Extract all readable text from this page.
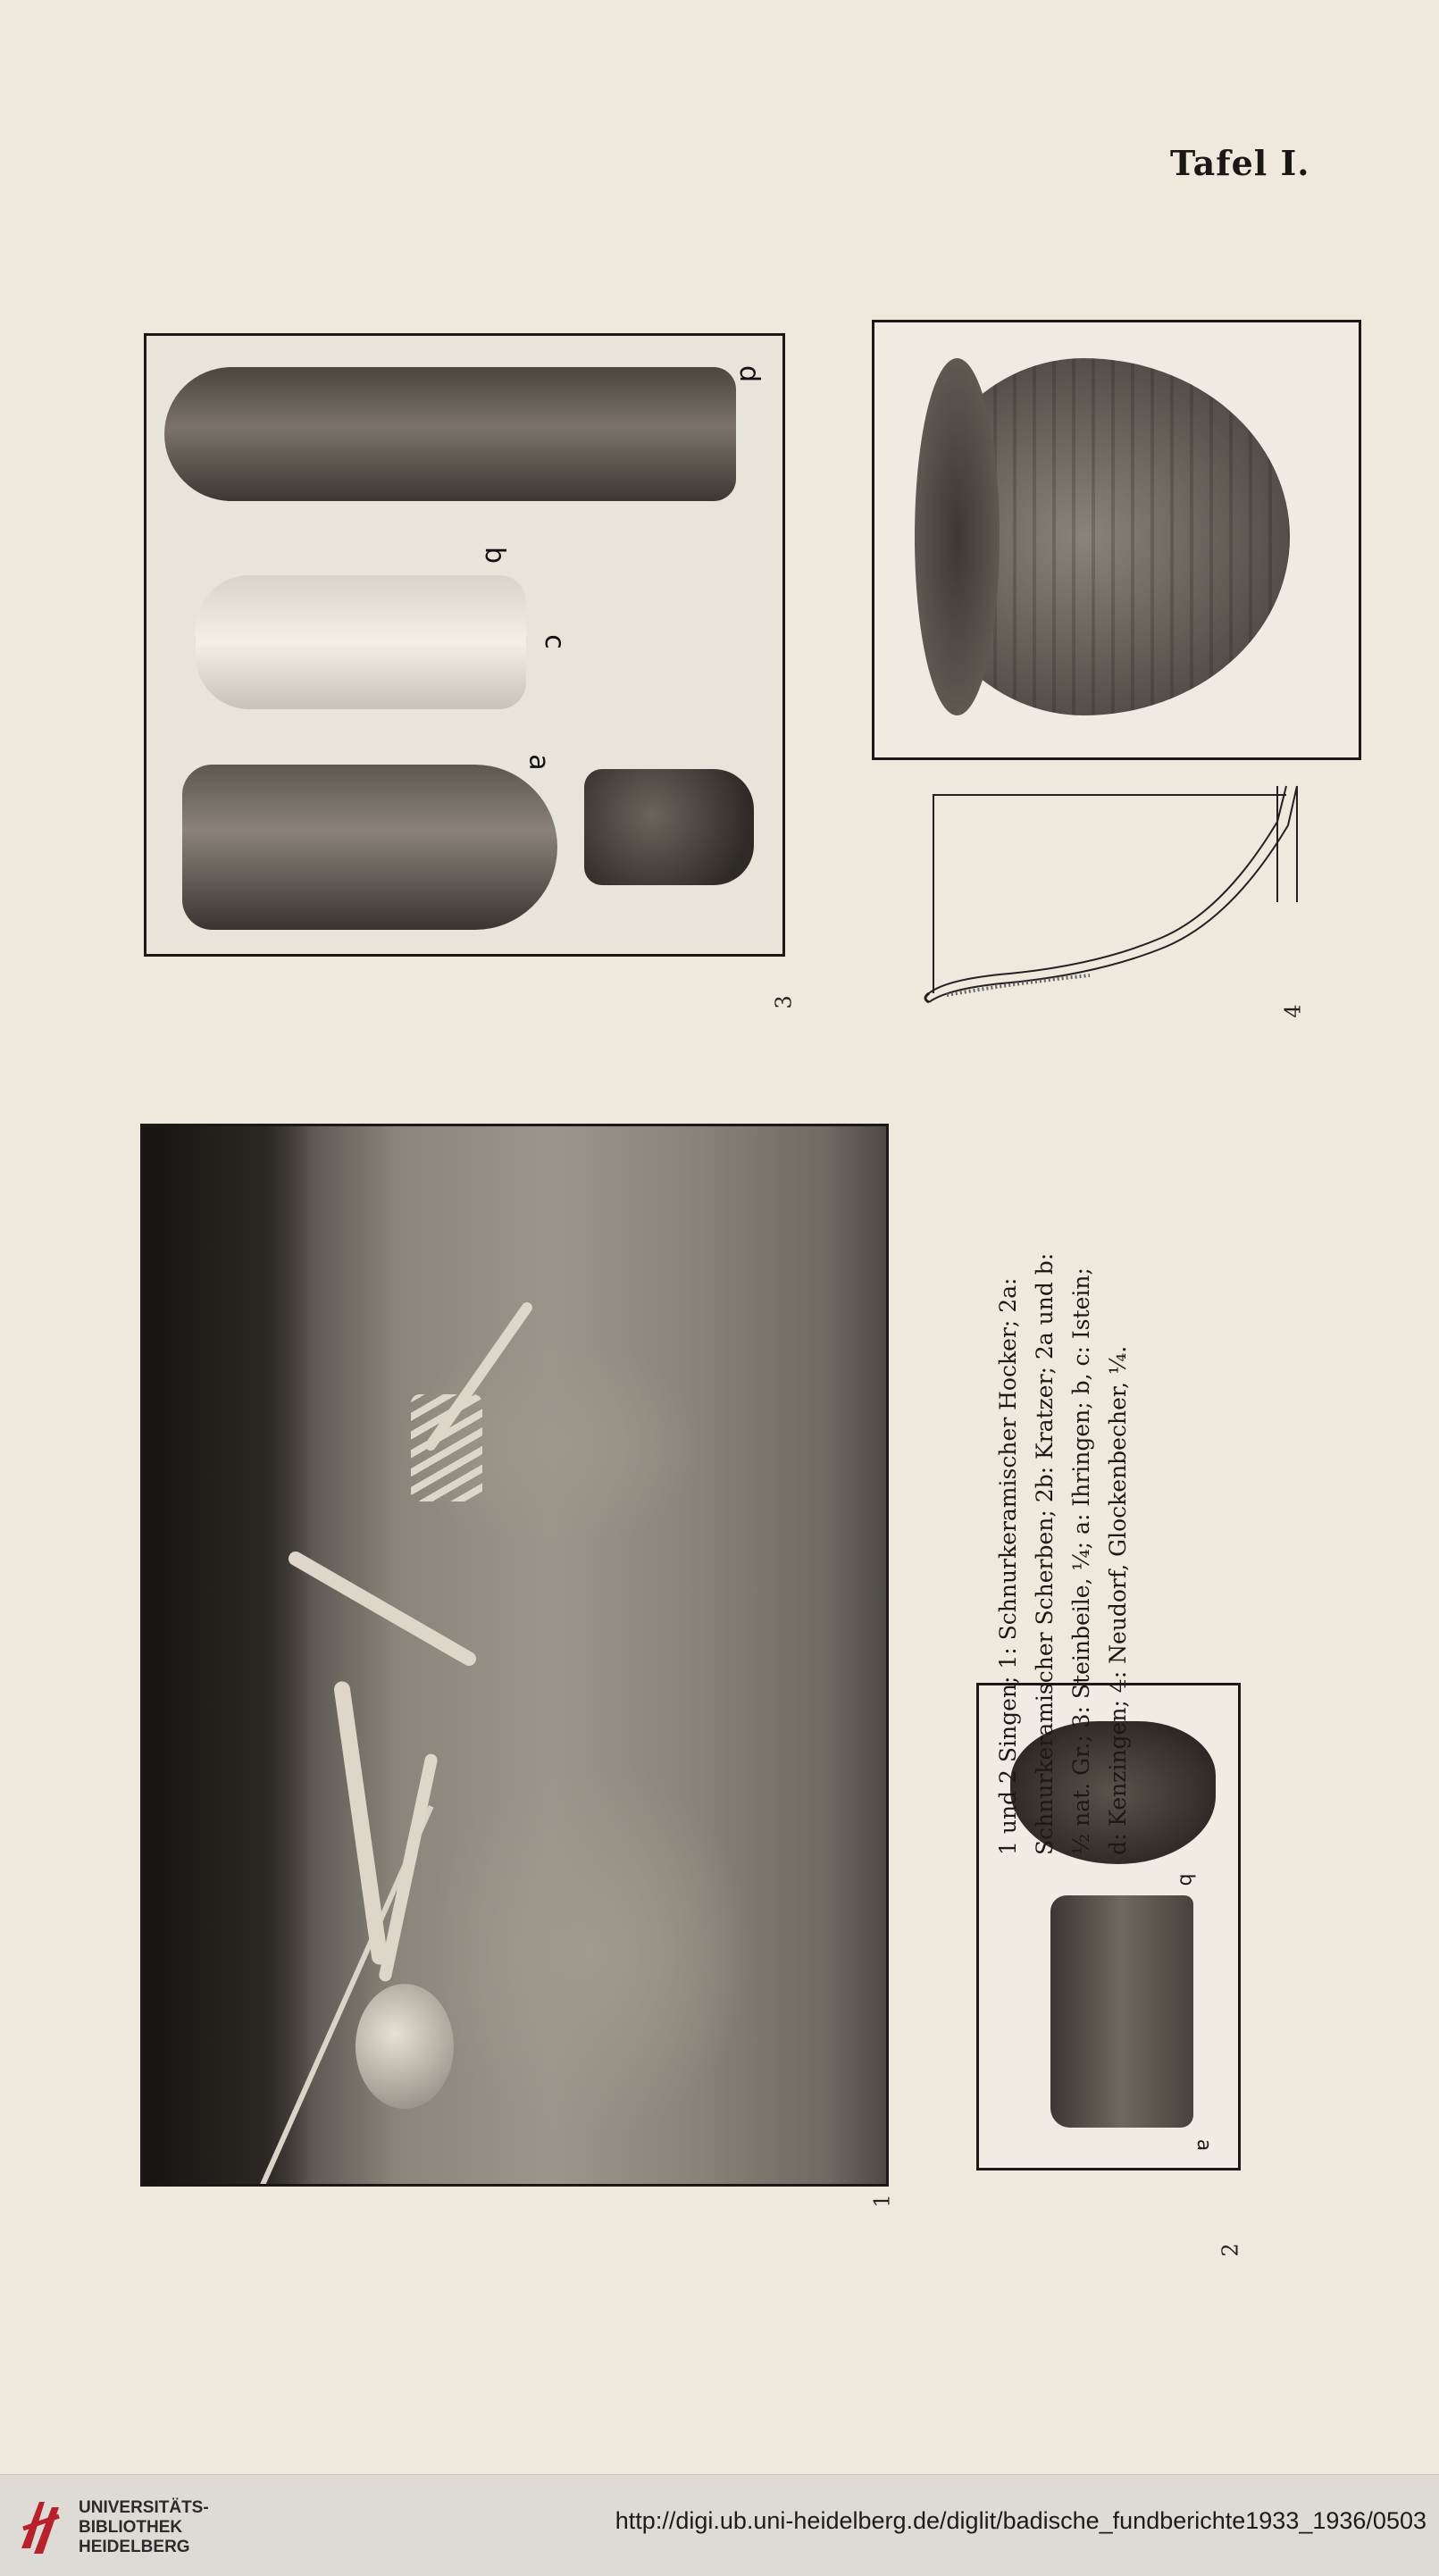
Tafel I.
1
b
a
2
d
b
c
a
3
4

1 und 2 Singen; 1: Schnurkeramischer Hocker; 2a: Schnurkeramischer Scherben; 2b: Kratzer; 2a und b: ½ nat. Gr.; 3: Steinbeile, ¼; a: Ihringen; b, c: Istein; d: Kenzingen; 4: Neudorf, Glockenbecher, ¼.

UNIVERSITÄTS-
BIBLIOTHEK
HEIDELBERG
http://digi.ub.uni-heidelberg.de/diglit/badische_fundberichte1933_1936/0503
